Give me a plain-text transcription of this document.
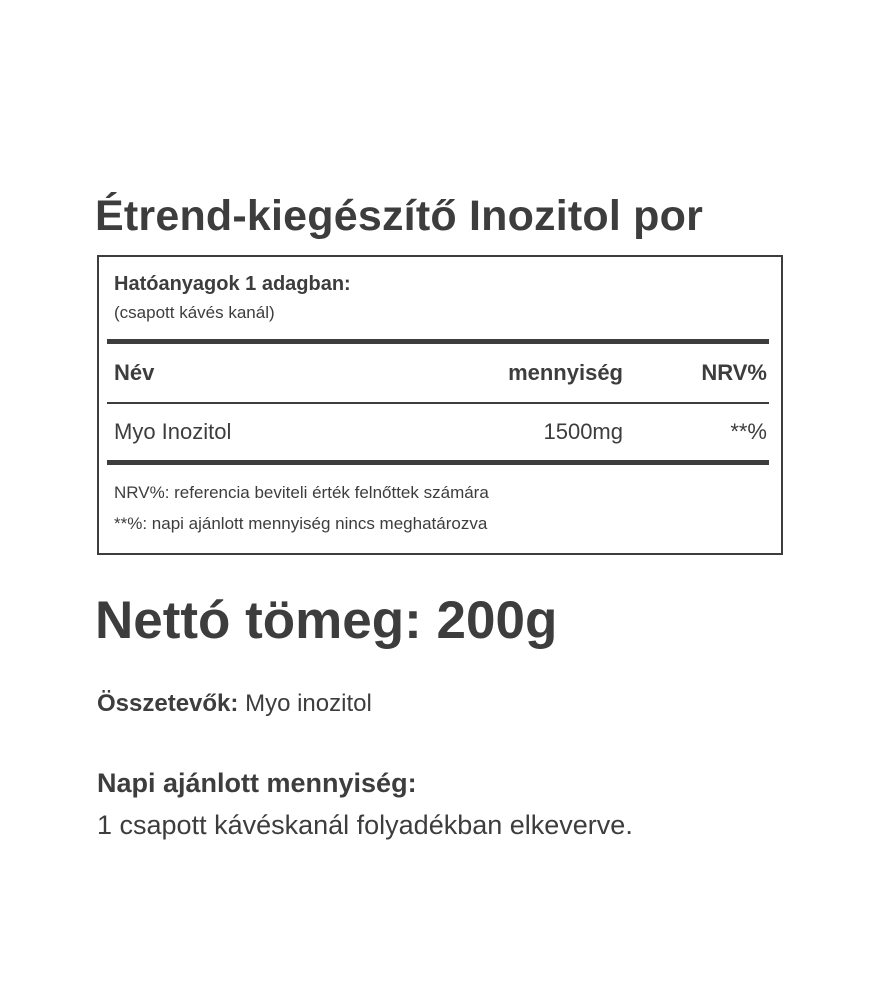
Étrend-kiegészítő Inozitol por
Hatóanyagok 1 adagban:
(csapott kávés kanál)
Név	mennyiség	NRV%
Myo Inozitol	1500mg	**%
NRV%: referencia beviteli érték felnőttek számára
**%: napi ajánlott mennyiség nincs meghatározva
Nettó tömeg: 200g
Összetevők: Myo inozitol
Napi ajánlott mennyiség:
1 csapott kávéskanál folyadékban elkeverve.
